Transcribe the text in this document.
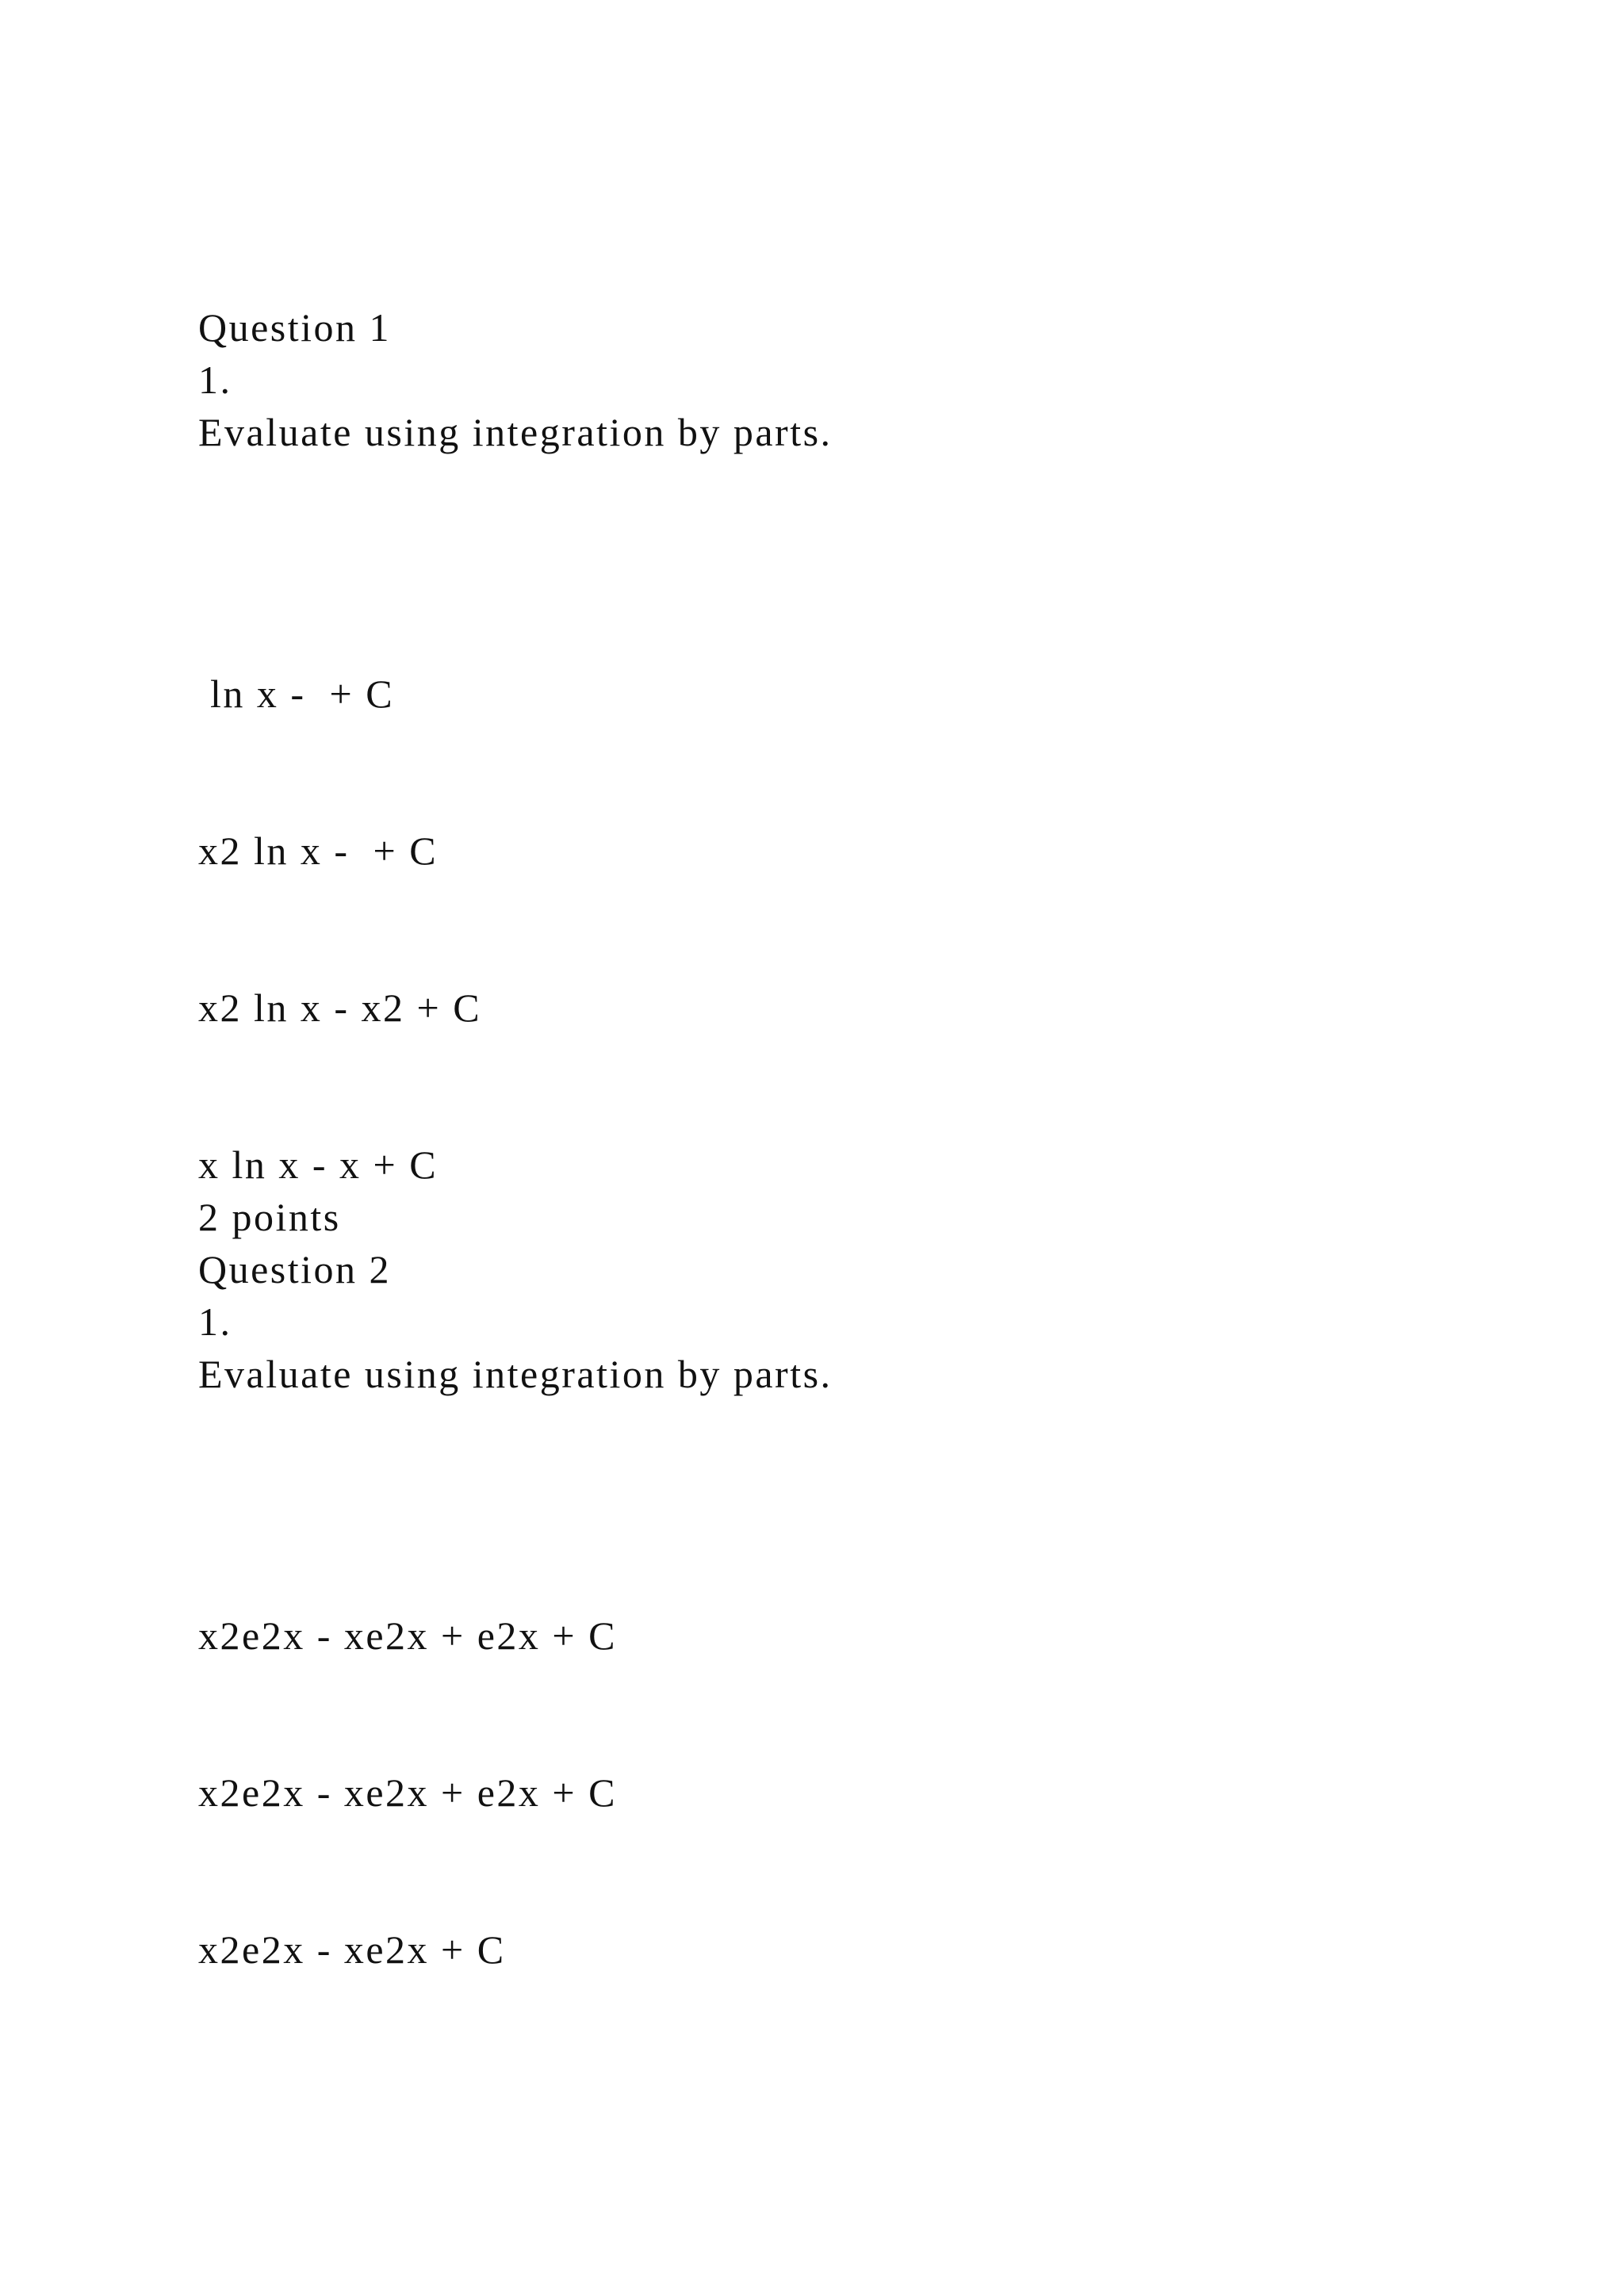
Question 1
1.
Evaluate using integration by parts.
ln x -  + C
x2 ln x -  + C
x2 ln x - x2 + C
x ln x - x + C
2 points
Question 2
1.
Evaluate using integration by parts.
x2e2x - xe2x + e2x + C
x2e2x - xe2x + e2x + C
x2e2x - xe2x + C
